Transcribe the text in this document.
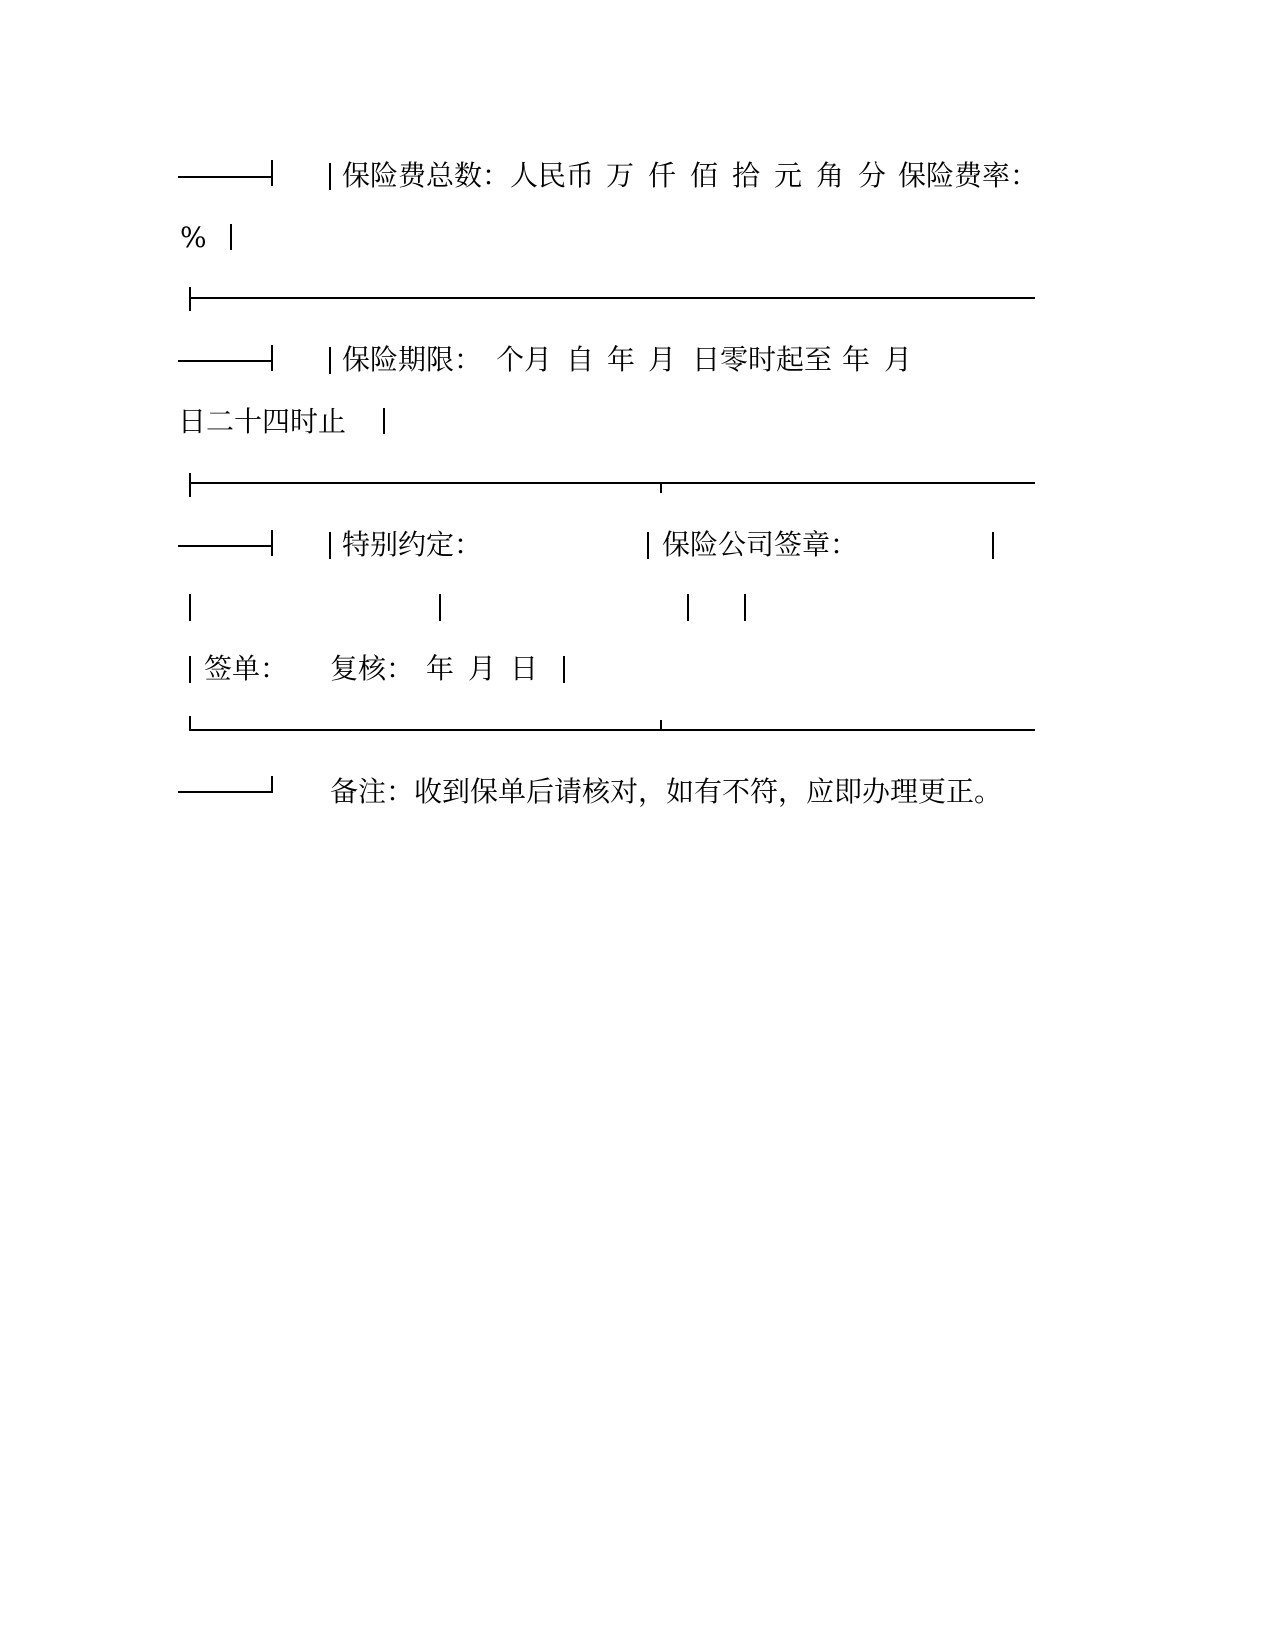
保险费总数： 人民币 万 仟 佰 拾 元 角 分 保险费率：
%
保险期限： 个月 自 年 月 日零时起至 年 月
日二十四时止
特别约定：	保险公司签章：
签单： 复核： 年 月 日
备注：收到保单后请核对，如有不符，应即办理更正。
